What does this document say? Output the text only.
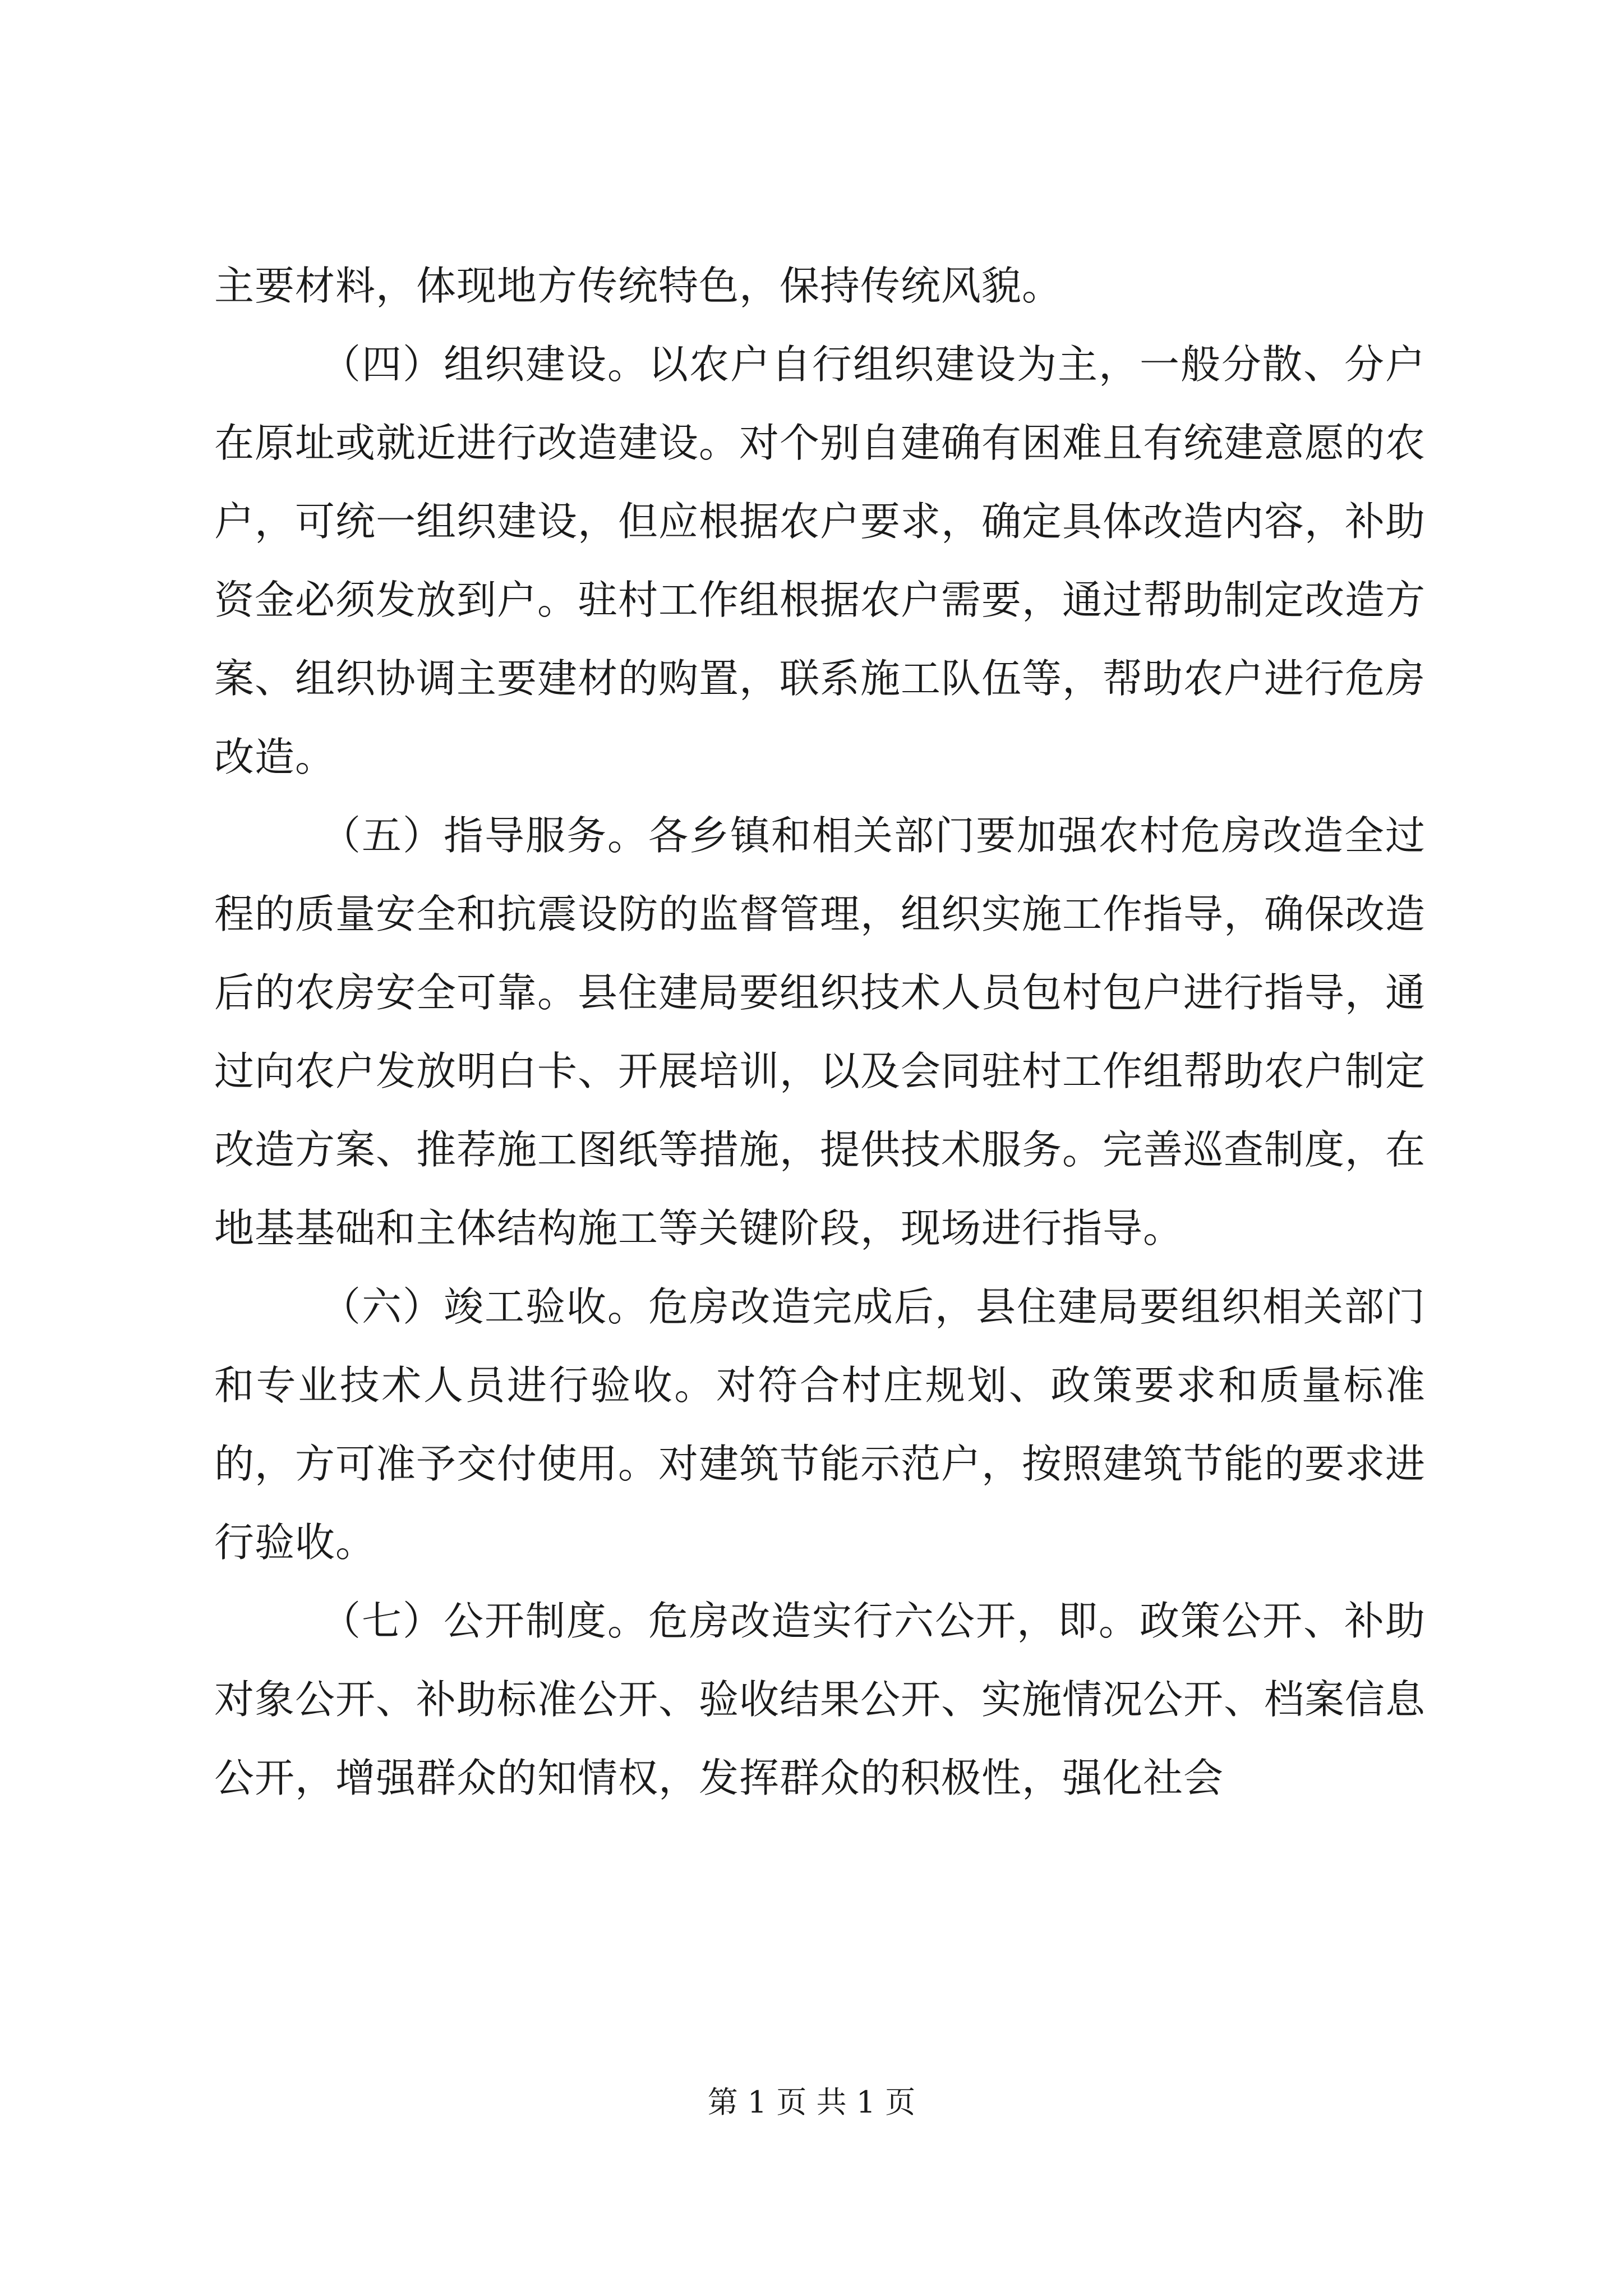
主要材料，体现地方传统特色，保持传统风貌。

（四）组织建设。以农户自行组织建设为主，一般分散、分户在原址或就近进行改造建设。对个别自建确有困难且有统建意愿的农户，可统一组织建设，但应根据农户要求，确定具体改造内容，补助资金必须发放到户。驻村工作组根据农户需要，通过帮助制定改造方案、组织协调主要建材的购置，联系施工队伍等，帮助农户进行危房改造。

（五）指导服务。各乡镇和相关部门要加强农村危房改造全过程的质量安全和抗震设防的监督管理，组织实施工作指导，确保改造后的农房安全可靠。县住建局要组织技术人员包村包户进行指导，通过向农户发放明白卡、开展培训，以及会同驻村工作组帮助农户制定改造方案、推荐施工图纸等措施，提供技术服务。完善巡查制度，在地基基础和主体结构施工等关键阶段，现场进行指导。

（六）竣工验收。危房改造完成后，县住建局要组织相关部门和专业技术人员进行验收。对符合村庄规划、政策要求和质量标准的，方可准予交付使用。对建筑节能示范户，按照建筑节能的要求进行验收。

（七）公开制度。危房改造实行六公开，即。政策公开、补助对象公开、补助标准公开、验收结果公开、实施情况公开、档案信息公开，增强群众的知情权，发挥群众的积极性，强化社会

第 1 页 共 1 页
